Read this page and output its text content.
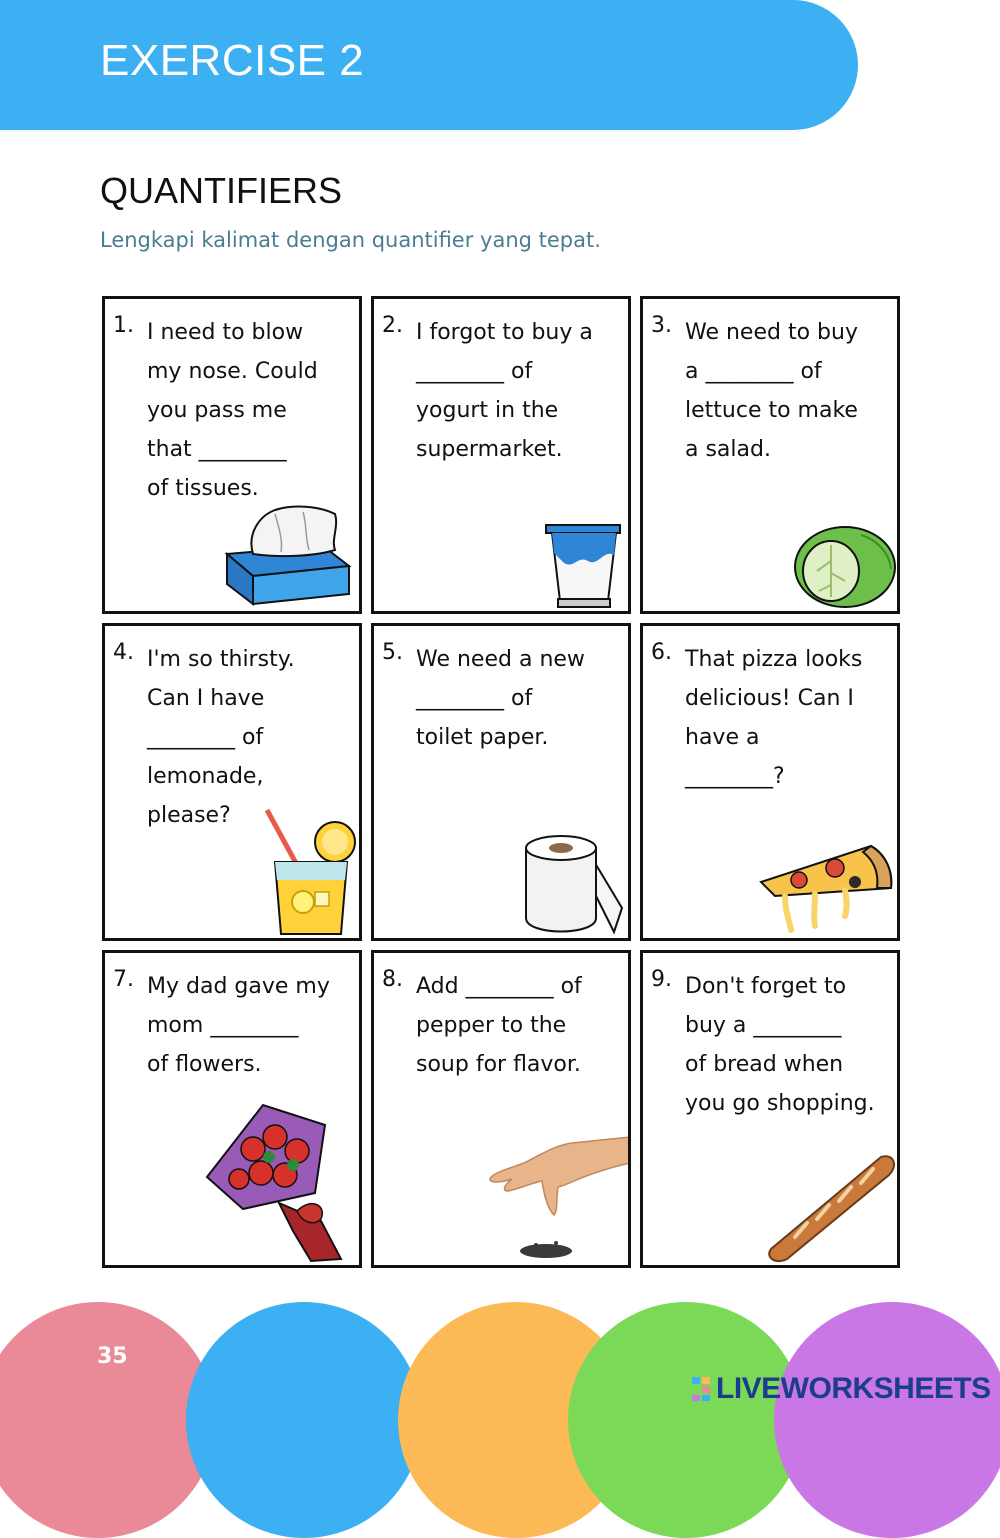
EXERCISE 2
QUANTIFIERS
Lengkapi kalimat dengan quantifier yang tepat.
1. I need to blow
my nose. Could
you pass me
that ________
of tissues.
2. I forgot to buy a
________ of
yogurt in the
supermarket.
3. We need to buy
a ________ of
lettuce to make
a salad.
4. I'm so thirsty.
Can I have
________ of
lemonade,
please?
5. We need a new
________ of
toilet paper.
6. That pizza looks
delicious! Can I
have a
________?
7. My dad gave my
mom ________
of flowers.
8. Add ________ of
pepper to the
soup for flavor.
9. Don't forget to
buy a ________
of bread when
you go shopping.
35
LIVEWORKSHEETS
